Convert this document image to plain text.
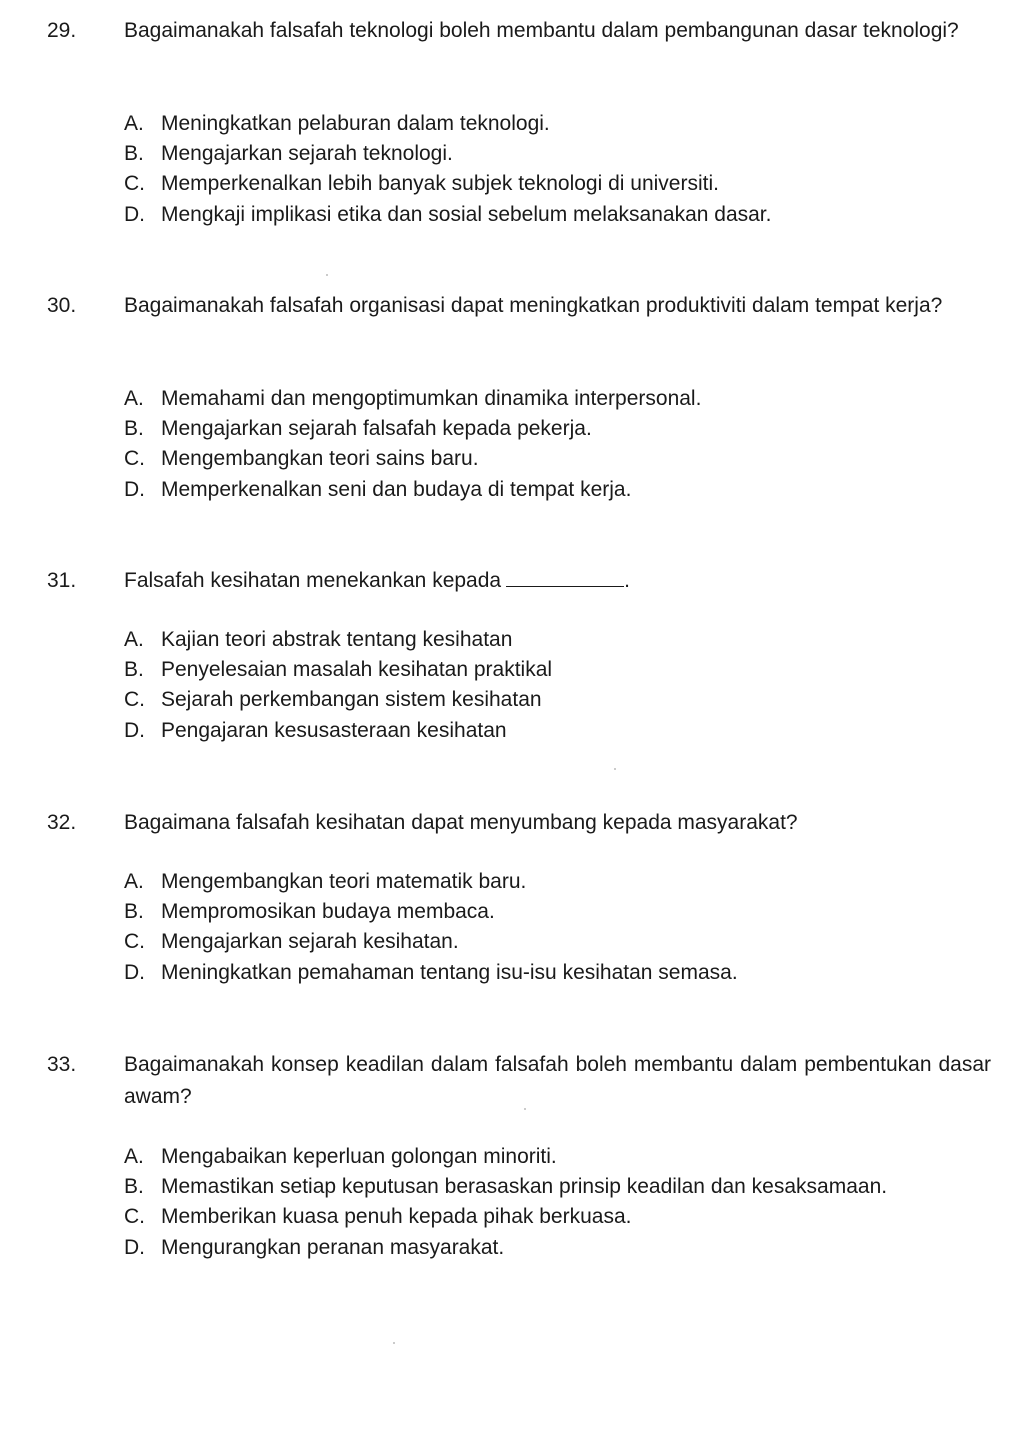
29. Bagaimanakah falsafah teknologi boleh membantu dalam pembangunan dasar teknologi?
A. Meningkatkan pelaburan dalam teknologi.
B. Mengajarkan sejarah teknologi.
C. Memperkenalkan lebih banyak subjek teknologi di universiti.
D. Mengkaji implikasi etika dan sosial sebelum melaksanakan dasar.
30. Bagaimanakah falsafah organisasi dapat meningkatkan produktiviti dalam tempat kerja?
A. Memahami dan mengoptimumkan dinamika interpersonal.
B. Mengajarkan sejarah falsafah kepada pekerja.
C. Mengembangkan teori sains baru.
D. Memperkenalkan seni dan budaya di tempat kerja.
31. Falsafah kesihatan menekankan kepada	.
A. Kajian teori abstrak tentang kesihatan
B. Penyelesaian masalah kesihatan praktikal
C. Sejarah perkembangan sistem kesihatan
D. Pengajaran kesusasteraan kesihatan
32. Bagaimana falsafah kesihatan dapat menyumbang kepada masyarakat?
A. Mengembangkan teori matematik baru.
B. Mempromosikan budaya membaca.
C. Mengajarkan sejarah kesihatan.
D. Meningkatkan pemahaman tentang isu-isu kesihatan semasa.
33. Bagaimanakah konsep keadilan dalam falsafah boleh membantu dalam pembentukan dasar awam?
A. Mengabaikan keperluan golongan minoriti.
B. Memastikan setiap keputusan berasaskan prinsip keadilan dan kesaksamaan.
C. Memberikan kuasa penuh kepada pihak berkuasa.
D. Mengurangkan peranan masyarakat.
